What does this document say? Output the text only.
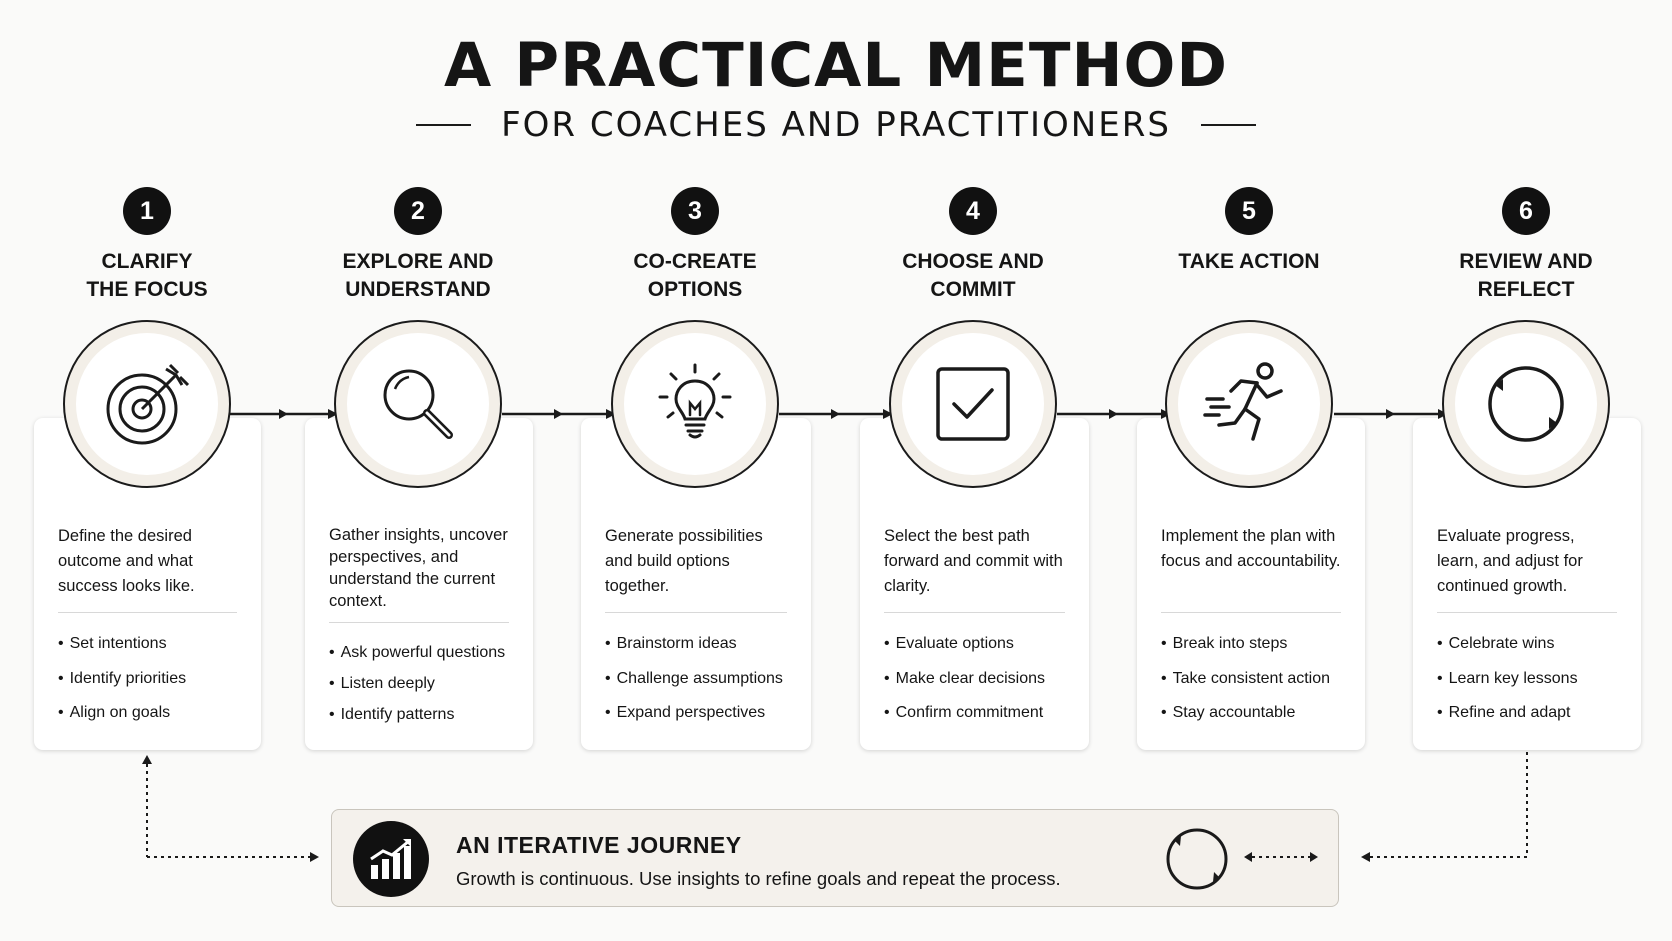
A PRACTICAL METHOD
FOR COACHES AND PRACTITIONERS
1
CLARIFY
THE FOCUS
Define the desired outcome and what success looks like.
• Set intentions
• Identify priorities
• Align on goals
2
EXPLORE AND
UNDERSTAND
Gather insights, uncover perspectives, and understand the current context.
• Ask powerful questions
• Listen deeply
• Identify patterns
3
CO-CREATE
OPTIONS
Generate possibilities and build options together.
• Brainstorm ideas
• Challenge assumptions
• Expand perspectives
4
CHOOSE AND
COMMIT
Select the best path forward and commit with clarity.
• Evaluate options
• Make clear decisions
• Confirm commitment
5
TAKE ACTION
Implement the plan with focus and accountability.
• Break into steps
• Take consistent action
• Stay accountable
6
REVIEW AND
REFLECT
Evaluate progress, learn, and adjust for continued growth.
• Celebrate wins
• Learn key lessons
• Refine and adapt
AN ITERATIVE JOURNEY
Growth is continuous. Use insights to refine goals and repeat the process.
